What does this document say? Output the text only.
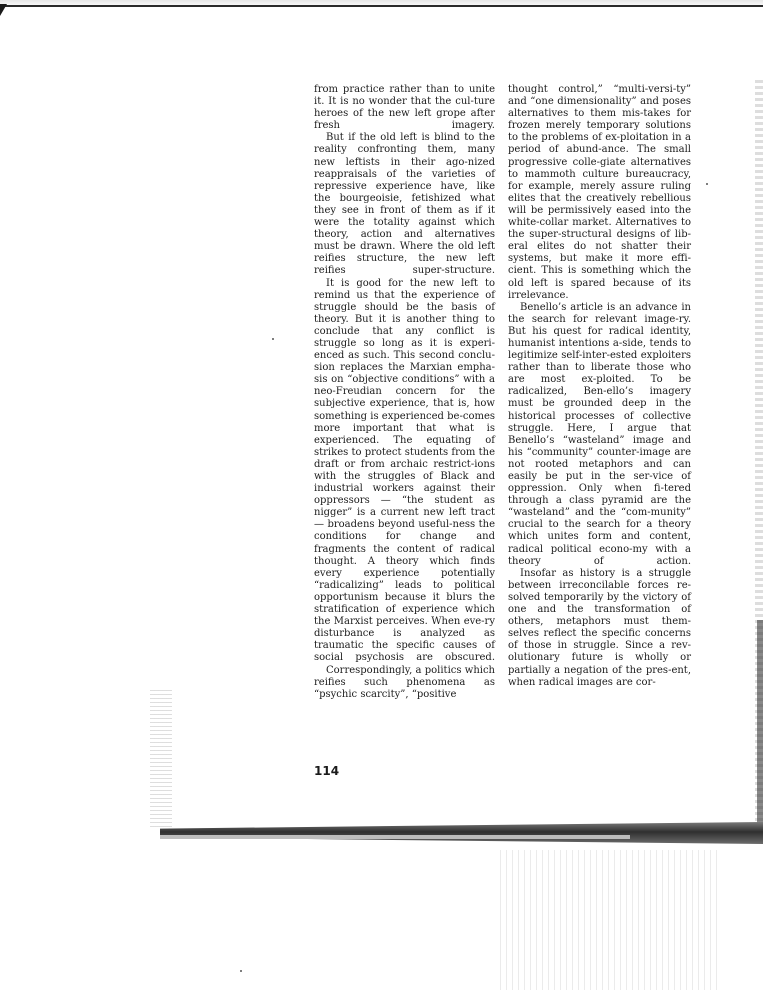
from practice rather than to unite it. It is no wonder that the cul-ture heroes of the new left grope after fresh imagery.

But if the old left is blind to the reality confronting them, many new leftists in their ago-nized reappraisals of the varieties of repressive experience have, like the bourgeoisie, fetishized what they see in front of them as if it were the totality against which theory, action and alternatives must be drawn. Where the old left reifies structure, the new left reifies super-structure.

It is good for the new left to remind us that the experience of struggle should be the basis of theory. But it is another thing to conclude that any conflict is struggle so long as it is experi-enced as such. This second conclu-sion replaces the Marxian empha-sis on “objective conditions” with a neo-Freudian concern for the subjective experience, that is, how something is experienced be-comes more important that what is experienced. The equating of strikes to protect students from the draft or from archaic restrict-ions with the struggles of Black and industrial workers against their oppressors — “the student as nigger” is a current new left tract — broadens beyond useful-ness the conditions for change and fragments the content of radical thought. A theory which finds every experience potentially “radicalizing” leads to political opportunism because it blurs the stratification of experience which the Marxist perceives. When eve-ry disturbance is analyzed as traumatic the specific causes of social psychosis are obscured.

Correspondingly, a politics which reifies such phenomena as “psychic scarcity”, “positive

thought control,” “multi-versi-ty” and “one dimensionality” and poses alternatives to them mis-takes for frozen merely temporary solutions to the problems of ex-ploitation in a period of abund-ance. The small progressive colle-giate alternatives to mammoth culture bureaucracy, for example, merely assure ruling elites that the creatively rebellious will be permissively eased into the white-collar market. Alternatives to the super-structural designs of lib-eral elites do not shatter their systems, but make it more effi-cient. This is something which the old left is spared because of its irrelevance.

Benello’s article is an advance in the search for relevant image-ry. But his quest for radical identity, humanist intentions a-side, tends to legitimize self-inter-ested exploiters rather than to liberate those who are most ex-ploited. To be radicalized, Ben-ello’s imagery must be grounded deep in the historical processes of collective struggle. Here, I argue that Benello’s “wasteland” image and his “community” counter-image are not rooted metaphors and can easily be put in the ser-vice of oppression. Only when fi-tered through a class pyramid are the “wasteland” and the “com-munity” crucial to the search for a theory which unites form and content, radical political econo-my with a theory of action.

Insofar as history is a struggle between irreconcilable forces re-solved temporarily by the victory of one and the transformation of others, metaphors must them-selves reflect the specific concerns of those in struggle. Since a rev-olutionary future is wholly or partially a negation of the pres-ent, when radical images are cor-

114
